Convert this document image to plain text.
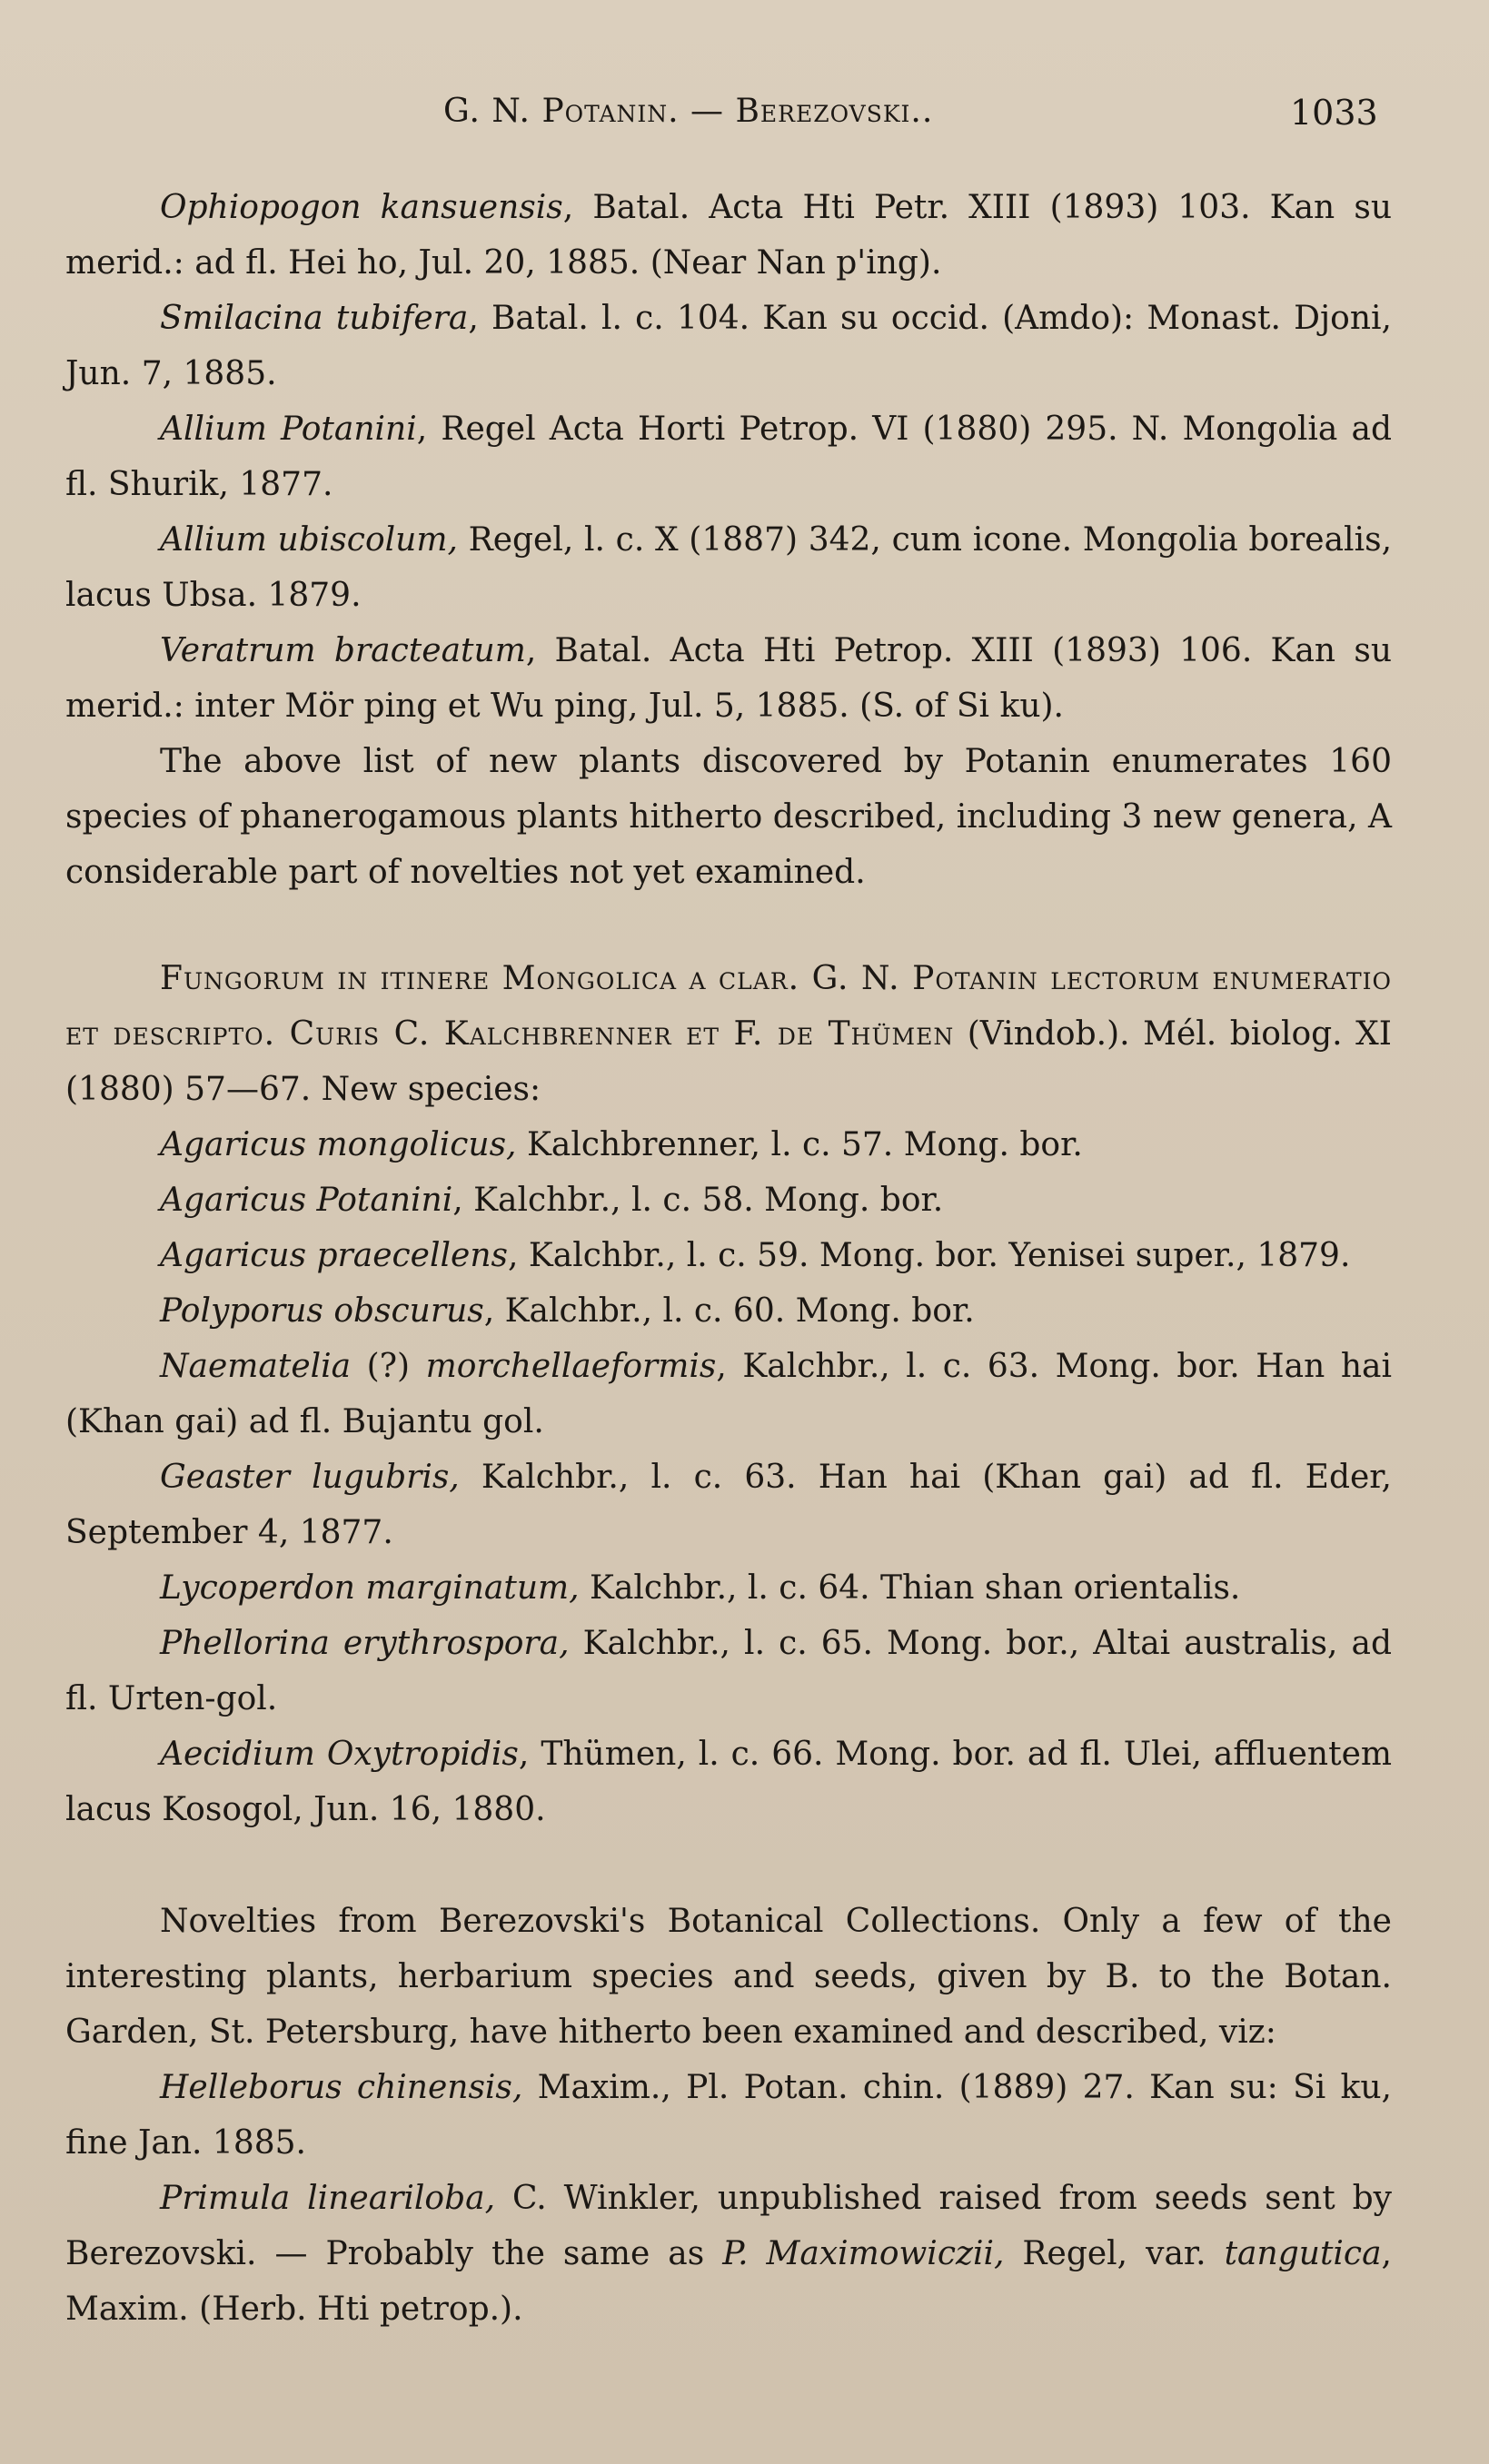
G. N. Potanin. — Berezovski..	1033

Ophiopogon kansuensis, Batal. Acta Hti Petr. XIII (1893) 103. Kan su merid.: ad fl. Hei ho, Jul. 20, 1885. (Near Nan p'ing).

Smilacina tubifera, Batal. l. c. 104. Kan su occid. (Amdo): Monast. Djoni, Jun. 7, 1885.

Allium Potanini, Regel Acta Horti Petrop. VI (1880) 295. N. Mongolia ad fl. Shurik, 1877.

Allium ubiscolum, Regel, l. c. X (1887) 342, cum icone. Mongolia borealis, lacus Ubsa. 1879.

Veratrum bracteatum, Batal. Acta Hti Petrop. XIII (1893) 106. Kan su merid.: inter Mör ping et Wu ping, Jul. 5, 1885. (S. of Si ku).

The above list of new plants discovered by Potanin enumerates 160 species of phanerogamous plants hitherto described, including 3 new genera, A considerable part of novelties not yet examined.

Fungorum in itinere Mongolica a clar. G. N. Potanin lectorum enumeratio et descripto. Curis C. Kalchbrenner et F. de Thümen (Vindob.). Mél. biolog. XI (1880) 57—67. New species:

Agaricus mongolicus, Kalchbrenner, l. c. 57. Mong. bor.

Agaricus Potanini, Kalchbr., l. c. 58. Mong. bor.

Agaricus praecellens, Kalchbr., l. c. 59. Mong. bor. Yenisei super., 1879.

Polyporus obscurus, Kalchbr., l. c. 60. Mong. bor.

Naematelia (?) morchellaeformis, Kalchbr., l. c. 63. Mong. bor. Han hai (Khan gai) ad fl. Bujantu gol.

Geaster lugubris, Kalchbr., l. c. 63. Han hai (Khan gai) ad fl. Eder, September 4, 1877.

Lycoperdon marginatum, Kalchbr., l. c. 64. Thian shan orientalis.

Phellorina erythrospora, Kalchbr., l. c. 65. Mong. bor., Altai australis, ad fl. Urten-gol.

Aecidium Oxytropidis, Thümen, l. c. 66. Mong. bor. ad fl. Ulei, affluentem lacus Kosogol, Jun. 16, 1880.

Novelties from Berezovski's Botanical Collections. Only a few of the interesting plants, herbarium species and seeds, given by B. to the Botan. Garden, St. Petersburg, have hitherto been examined and described, viz:

Helleborus chinensis, Maxim., Pl. Potan. chin. (1889) 27. Kan su: Si ku, fine Jan. 1885.

Primula lineariloba, C. Winkler, unpublished raised from seeds sent by Berezovski. — Probably the same as P. Maximowiczii, Regel, var. tangutica, Maxim. (Herb. Hti petrop.).
